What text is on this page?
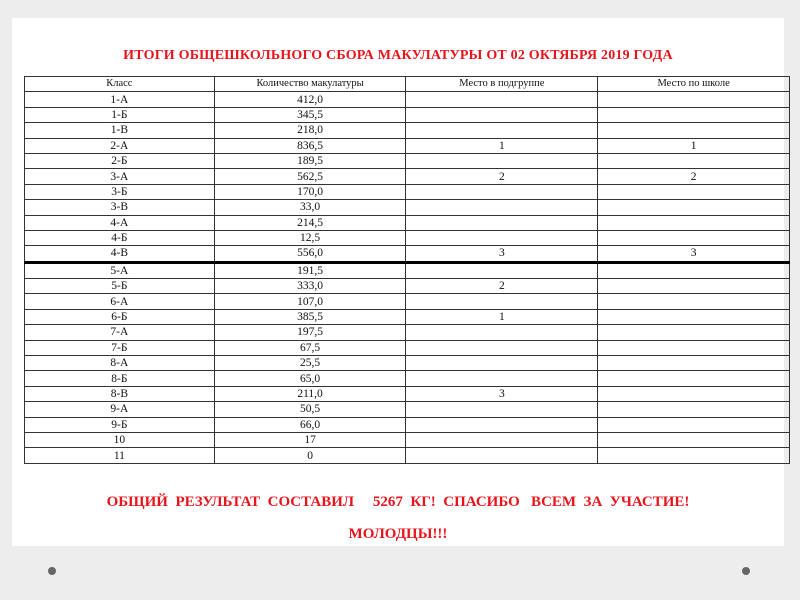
ИТОГИ ОБЩЕШКОЛЬНОГО СБОРА МАКУЛАТУРЫ ОТ 02 ОКТЯБРЯ 2019 ГОДА
Класс	Количество макулатуры	Место в подгруппе	Место по школе
1-А	412,0		
1-Б	345,5		
1-В	218,0		
2-А	836,5	1	1
2-Б	189,5		
3-А	562,5	2	2
3-Б	170,0		
3-В	33,0		
4-А	214,5		
4-Б	12,5		
4-В	556,0	3	3
5-А	191,5		
5-Б	333,0	2	
6-А	107,0		
6-Б	385,5	1	
7-А	197,5		
7-Б	67,5		
8-А	25,5		
8-Б	65,0		
8-В	211,0	3	
9-А	50,5		
9-Б	66,0		
10	17		
11	0		
ОБЩИЙ  РЕЗУЛЬТАТ  СОСТАВИЛ     5267  КГ!  СПАСИБО   ВСЕМ  ЗА  УЧАСТИЕ!
МОЛОДЦЫ!!!
